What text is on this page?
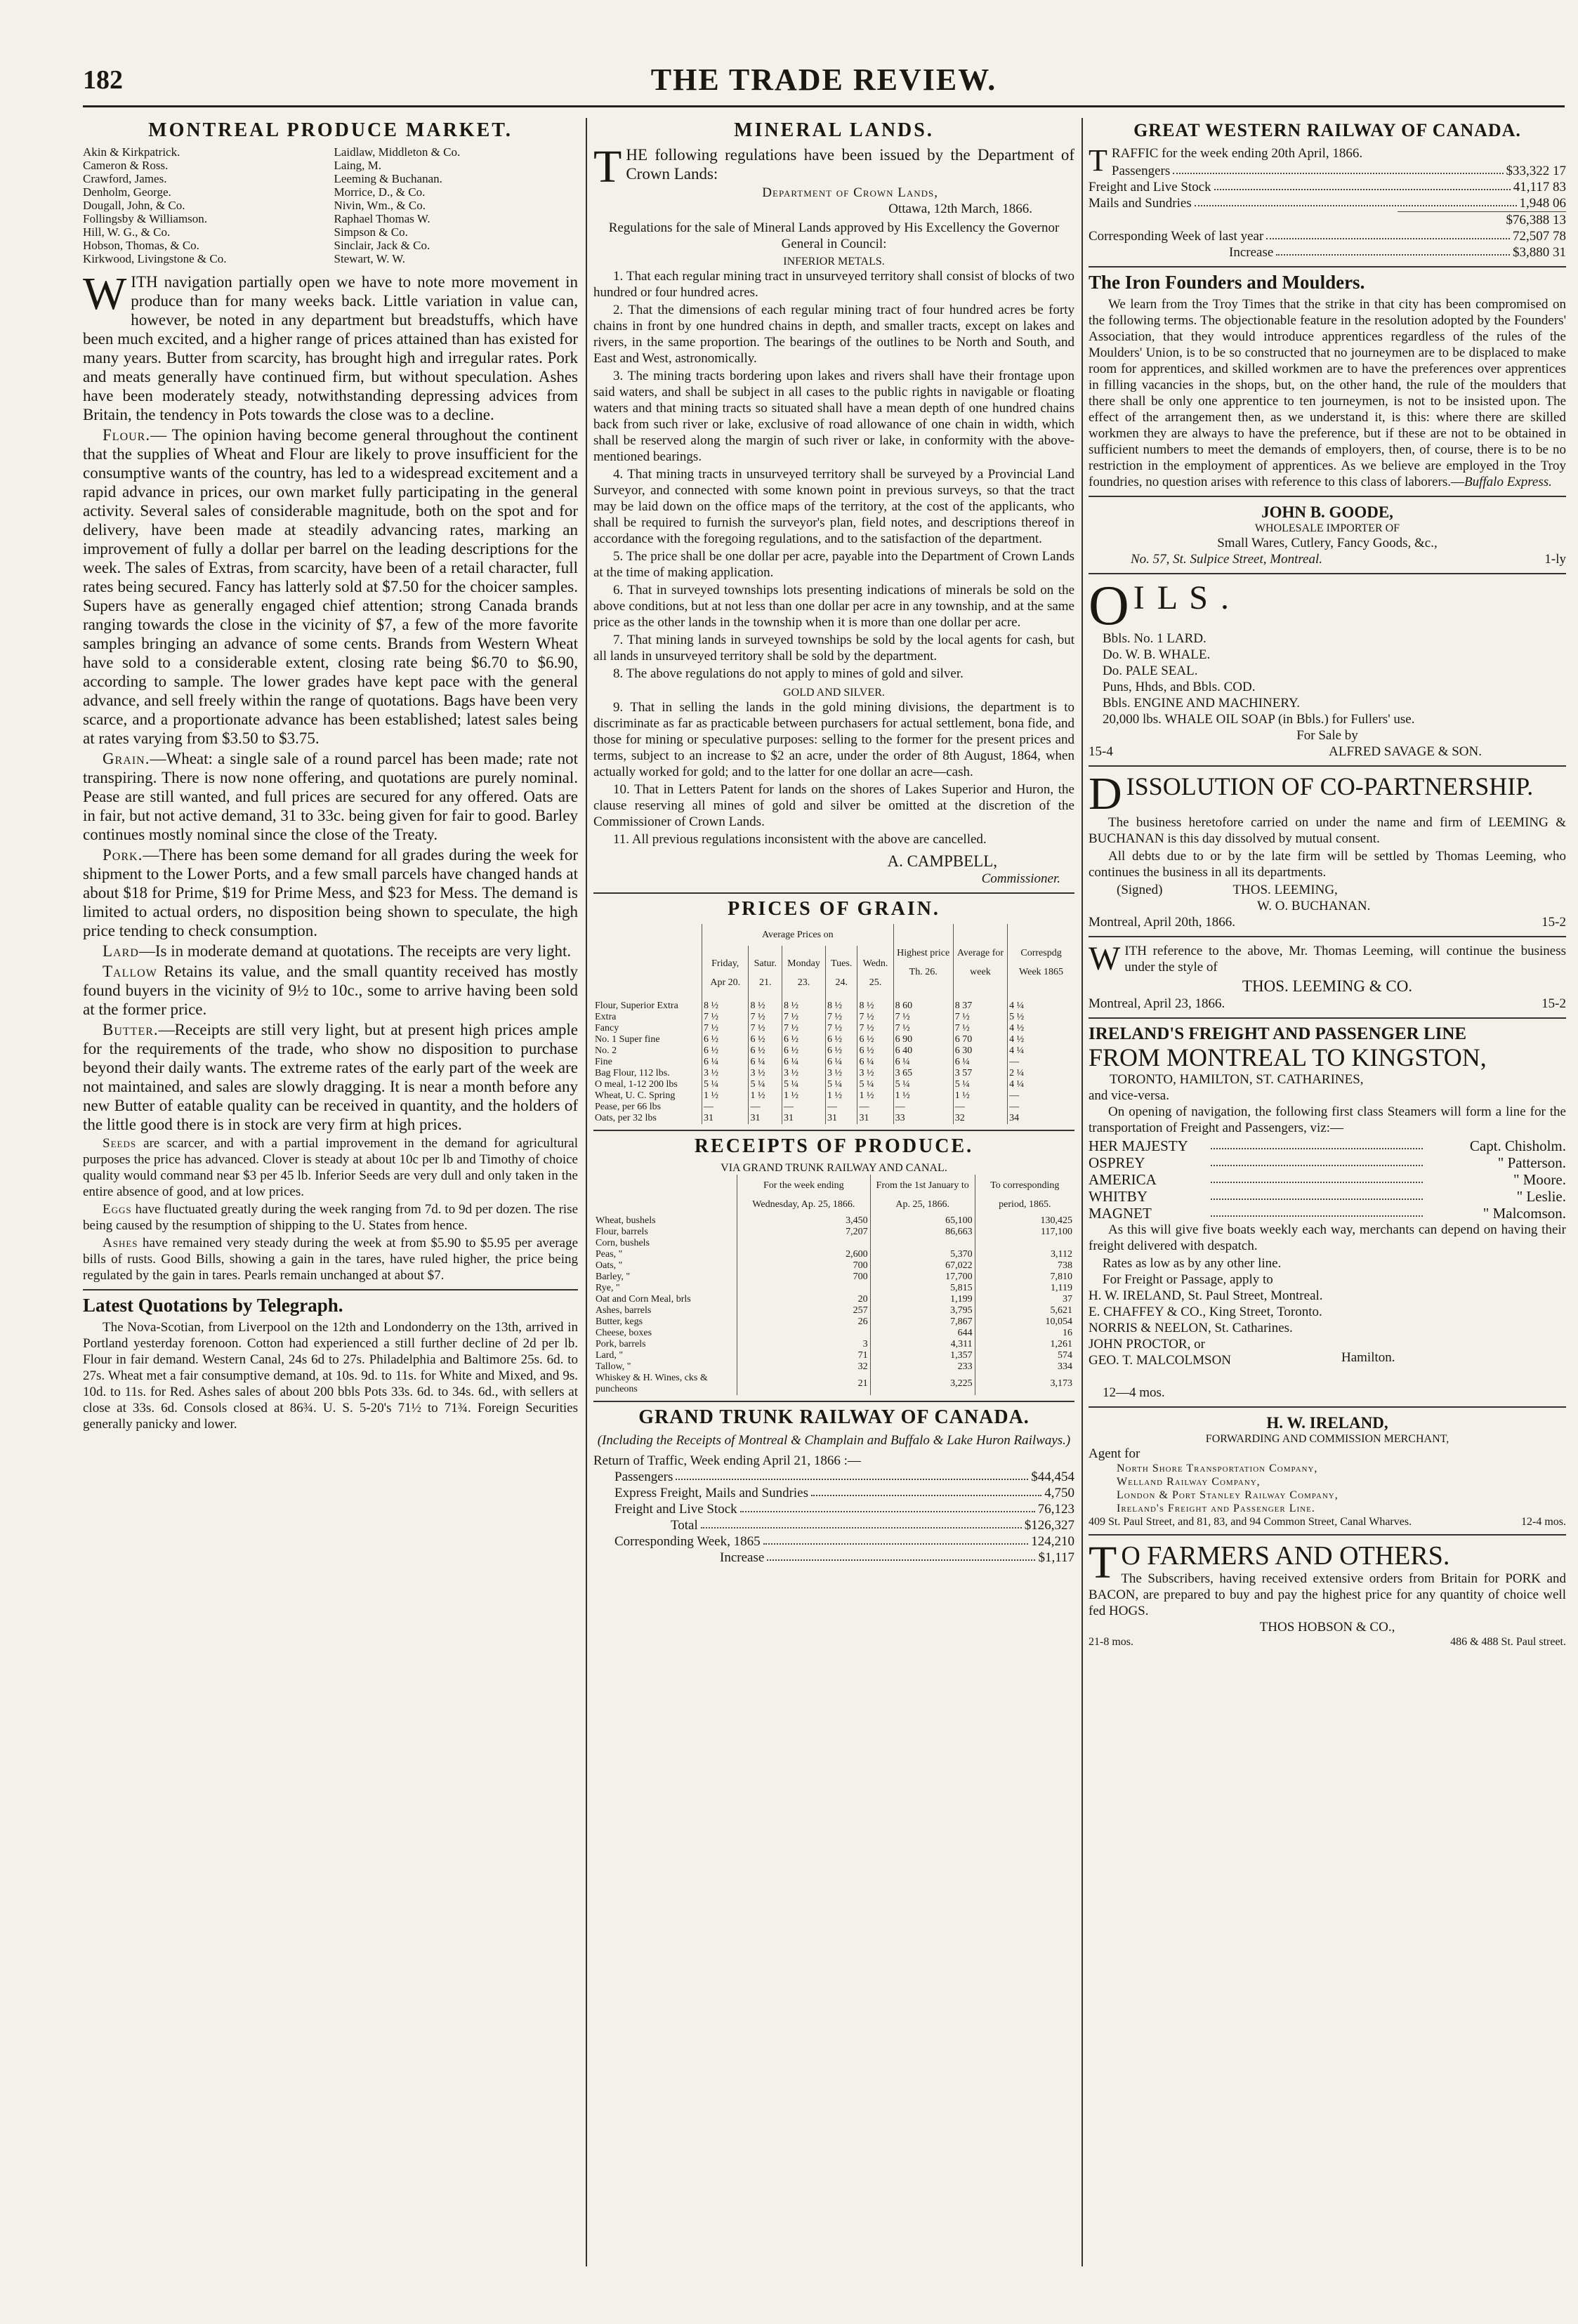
182	THE TRADE REVIEW.
MONTREAL PRODUCE MARKET.
Akin & Kirkpatrick.	Laidlaw, Middleton & Co.
Cameron & Ross.	Laing, M.
Crawford, James.	Leeming & Buchanan.
Denholm, George.	Morrice, D., & Co.
Dougall, John, & Co.	Nivin, Wm., & Co.
Follingsby & Williamson.	Raphael Thomas W.
Hill, W. G., & Co.	Simpson & Co.
Hobson, Thomas, & Co.	Sinclair, Jack & Co.
Kirkwood, Livingstone & Co.	Stewart, W. W.

WITH navigation partially open we have to note more movement in produce than for many weeks back. Little variation in value can, however, be noted in any department but breadstuffs, which have been much excited, and a higher range of prices attained than has existed for many years. Butter from scarcity, has brought high and irregular rates. Pork and meats generally have continued firm, but without speculation. Ashes have been moderately steady, notwithstanding depressing advices from Britain, the tendency in Pots towards the close was to a decline.

Flour.— The opinion having become general throughout the continent that the supplies of Wheat and Flour are likely to prove insufficient for the consumptive wants of the country, has led to a widespread excitement and a rapid advance in prices, our own market fully participating in the general activity. Several sales of considerable magnitude, both on the spot and for delivery, have been made at steadily advancing rates, marking an improvement of fully a dollar per barrel on the leading descriptions for the week. The sales of Extras, from scarcity, have been of a retail character, full rates being secured. Fancy has latterly sold at $7.50 for the choicer samples. Supers have as generally engaged chief attention; strong Canada brands ranging towards the close in the vicinity of $7, a few of the more favorite samples bringing an advance of some cents. Brands from Western Wheat have sold to a considerable extent, closing rate being $6.70 to $6.90, according to sample. The lower grades have kept pace with the general advance, and sell freely within the range of quotations. Bags have been very scarce, and a proportionate advance has been established; latest sales being at rates varying from $3.50 to $3.75.

Grain.—Wheat: a single sale of a round parcel has been made; rate not transpiring. There is now none offering, and quotations are purely nominal. Pease are still wanted, and full prices are secured for any offered. Oats are in fair, but not active demand, 31 to 33c. being given for fair to good. Barley continues mostly nominal since the close of the Treaty.

Pork.—There has been some demand for all grades during the week for shipment to the Lower Ports, and a few small parcels have changed hands at about $18 for Prime, $19 for Prime Mess, and $23 for Mess. The demand is limited to actual orders, no disposition being shown to speculate, the high price tending to check consumption.

Lard—Is in moderate demand at quotations. The receipts are very light.

Tallow Retains its value, and the small quantity received has mostly found buyers in the vicinity of 9½ to 10c., some to arrive having been sold at the former price.

Butter.—Receipts are still very light, but at present high prices ample for the requirements of the trade, who show no disposition to purchase beyond their daily wants. The extreme rates of the early part of the week are not maintained, and sales are slowly dragging. It is near a month before any new Butter of eatable quality can be received in quantity, and the holders of the little good there is in stock are very firm at high prices.

Seeds are scarcer, and with a partial improvement in the demand for agricultural purposes the price has advanced. Clover is steady at about 10c per lb and Timothy of choice quality would command near $3 per 45 lb. Inferior Seeds are very dull and only taken in the entire absence of good, and at low prices.

Eggs have fluctuated greatly during the week ranging from 7d. to 9d per dozen. The rise being caused by the resumption of shipping to the U. States from hence.

Ashes have remained very steady during the week at from $5.90 to $5.95 per average bills of rusts. Good Bills, showing a gain in the tares, have ruled higher, the price being regulated by the gain in tares. Pearls remain unchanged at about $7.

Latest Quotations by Telegraph.

The Nova-Scotian, from Liverpool on the 12th and Londonderry on the 13th, arrived in Portland yesterday forenoon. Cotton had experienced a still further decline of 2d per lb. Flour in fair demand. Western Canal, 24s 6d to 27s. Philadelphia and Baltimore 25s. 6d. to 27s. Wheat met a fair consumptive demand, at 10s. 9d. to 11s. for White and Mixed, and 9s. 10d. to 11s. for Red. Ashes sales of about 200 bbls Pots 33s. 6d. to 34s. 6d., with sellers at close at 33s. 6d. Consols closed at 86¾. U. S. 5-20's 71½ to 71¾. Foreign Securities generally panicky and lower.

MINERAL LANDS.

THE following regulations have been issued by the Department of Crown Lands:

Department of Crown Lands,
Ottawa, 12th March, 1866.

Regulations for the sale of Mineral Lands approved by His Excellency the Governor General in Council:

INFERIOR METALS.

1. That each regular mining tract in unsurveyed territory shall consist of blocks of two hundred or four hundred acres.

2. That the dimensions of each regular mining tract of four hundred acres be forty chains in front by one hundred chains in depth, and smaller tracts, except on lakes and rivers, in the same proportion. The bearings of the outlines to be North and South, and East and West, astronomically.

3. The mining tracts bordering upon lakes and rivers shall have their frontage upon said waters, and shall be subject in all cases to the public rights in navigable or floating waters and that mining tracts so situated shall have a mean depth of one hundred chains back from such river or lake, exclusive of road allowance of one chain in width, which shall be reserved along the margin of such river or lake, in conformity with the above-mentioned bearings.

4. That mining tracts in unsurveyed territory shall be surveyed by a Provincial Land Surveyor, and connected with some known point in previous surveys, so that the tract may be laid down on the office maps of the territory, at the cost of the applicants, who shall be required to furnish the surveyor's plan, field notes, and descriptions thereof in accordance with the foregoing regulations, and to the satisfaction of the department.

5. The price shall be one dollar per acre, payable into the Department of Crown Lands at the time of making application.

6. That in surveyed townships lots presenting indications of minerals be sold on the above conditions, but at not less than one dollar per acre in any township, and at the same price as the other lands in the township when it is more than one dollar per acre.

7. That mining lands in surveyed townships be sold by the local agents for cash, but all lands in unsurveyed territory shall be sold by the department.

8. The above regulations do not apply to mines of gold and silver.

GOLD AND SILVER.

9. That in selling the lands in the gold mining divisions, the department is to discriminate as far as practicable between purchasers for actual settlement, bona fide, and those for mining or speculative purposes: selling to the former for the present prices and terms, subject to an increase to $2 an acre, under the order of 8th August, 1864, when actually worked for gold; and to the latter for one dollar an acre—cash.

10. That in Letters Patent for lands on the shores of Lakes Superior and Huron, the clause reserving all mines of gold and silver be omitted at the discretion of the Commissioner of Crown Lands.

11. All previous regulations inconsistent with the above are cancelled.

A. CAMPBELL,
Commissioner.
PRICES OF GRAIN.
	Average Prices on					Highest price Th. 26.	Average for week	Correspdg Week 1865
	Friday, Apr 20.	Satur. 21.	Monday 23.	Tues. 24.	Wedn. 25.			
Flour, Superior Extra	8 ½	8 ½	8 ½	8 ½	8 ½	8 60	8 37	4 ¼
Extra	7 ½	7 ½	7 ½	7 ½	7 ½	7 ½	7 ½	5 ½
Fancy	7 ½	7 ½	7 ½	7 ½	7 ½	7 ½	7 ½	4 ½
No. 1 Super fine	6 ½	6 ½	6 ½	6 ½	6 ½	6 90	6 70	4 ½
No. 2	6 ½	6 ½	6 ½	6 ½	6 ½	6 40	6 30	4 ¼
Fine	6 ¼	6 ¼	6 ¼	6 ¼	6 ¼	6 ¼	6 ¼	—
Bag Flour, 112 lbs.	3 ½	3 ½	3 ½	3 ½	3 ½	3 65	3 57	2 ¼
O meal, 1-12 200 lbs	5 ¼	5 ¼	5 ¼	5 ¼	5 ¼	5 ¼	5 ¼	4 ¼
Wheat, U. C. Spring	1 ½	1 ½	1 ½	1 ½	1 ½	1 ½	1 ½	—
Pease, per 66 lbs	—	—	—	—	—	—	—	—
Oats, per 32 lbs	31	31	31	31	31	33	32	34
RECEIPTS OF PRODUCE.
VIA GRAND TRUNK RAILWAY AND CANAL.
	For the week ending Wednesday, Ap. 25, 1866.	From the 1st January to Ap. 25, 1866.	To corresponding period, 1865.
Wheat, bushels	3,450	65,100	130,425
Flour, barrels	7,207	86,663	117,100
Corn, bushels			
Peas, "	2,600	5,370	3,112
Oats, "	700	67,022	738
Barley, "	700	17,700	7,810
Rye, "		5,815	1,119
Oat and Corn Meal, brls	20	1,199	37
Ashes, barrels	257	3,795	5,621
Butter, kegs	26	7,867	10,054
Cheese, boxes		644	16
Pork, barrels	3	4,311	1,261
Lard, "	71	1,357	574
Tallow, "	32	233	334
Whiskey & H. Wines, cks & puncheons	21	3,225	3,173
GRAND TRUNK RAILWAY OF CANADA.
(Including the Receipts of Montreal & Champlain and Buffalo & Lake Huron Railways.)
Return of Traffic, Week ending April 21, 1866 :—
Passengers	$44,454
Express Freight, Mails and Sundries	4,750
Freight and Live Stock	76,123
Total	$126,327
Corresponding Week, 1865	124,210
Increase	$1,117
GREAT WESTERN RAILWAY OF CANADA.

TRAFFIC for the week ending 20th April, 1866.

Passengers	$33,322 17
Freight and Live Stock	41,117 83
Mails and Sundries	1,948 06
$76,388 13
Corresponding Week of last year	72,507 78
Increase	$3,880 31
The Iron Founders and Moulders.

We learn from the Troy Times that the strike in that city has been compromised on the following terms. The objectionable feature in the resolution adopted by the Founders' Association, that they would introduce apprentices regardless of the rules of the Moulders' Union, is to be so constructed that no journeymen are to be displaced to make room for apprentices, and skilled workmen are to have the preferences over apprentices in filling vacancies in the shops, but, on the other hand, the rule of the moulders that there shall be only one apprentice to ten journeymen, is not to be insisted upon. The effect of the arrangement then, as we understand it, is this: where there are skilled workmen they are always to have the preference, but if these are not to be obtained in sufficient numbers to meet the demands of employers, then, of course, there is to be no restriction in the employment of apprentices. As we believe are employed in the Troy foundries, no question arises with reference to this class of laborers.—Buffalo Express.

JOHN B. GOODE,
WHOLESALE IMPORTER OF
Small Wares, Cutlery, Fancy Goods, &c.,
No. 57, St. Sulpice Street, Montreal.	1-ly
O I L S .
Bbls. No. 1 LARD.
Do. W. B. WHALE.
Do. PALE SEAL.
Puns, Hhds, and Bbls. COD.
Bbls. ENGINE AND MACHINERY.
20,000 lbs. WHALE OIL SOAP (in Bbls.) for Fullers' use.
For Sale by
15-4	ALFRED SAVAGE & SON.
DISSOLUTION OF CO-PARTNERSHIP.

The business heretofore carried on under the name and firm of LEEMING & BUCHANAN is this day dissolved by mutual consent.

All debts due to or by the late firm will be settled by Thomas Leeming, who continues the business in all its departments.

(Signed)	THOS. LEEMING,
W. O. BUCHANAN.
Montreal, April 20th, 1866.	15-2

WITH reference to the above, Mr. Thomas Leeming, will continue the business under the style of

THOS. LEEMING & CO.
Montreal, April 23, 1866.	15-2
IRELAND'S FREIGHT AND PASSENGER LINE
FROM MONTREAL TO KINGSTON,
TORONTO, HAMILTON, ST. CATHARINES,
and vice-versa.

On opening of navigation, the following first class Steamers will form a line for the transportation of Freight and Passengers, viz:—

HER MAJESTY	Capt. Chisholm.
OSPREY	" Patterson.
AMERICA	" Moore.
WHITBY	" Leslie.
MAGNET	" Malcomson.

As this will give five boats weekly each way, merchants can depend on having their freight delivered with despatch.

Rates as low as by any other line.
For Freight or Passage, apply to
H. W. IRELAND, St. Paul Street, Montreal.
E. CHAFFEY & CO., King Street, Toronto.
NORRIS & NEELON, St. Catharines.
JOHN PROCTOR, or
GEO. T. MALCOLMSON	Hamilton.
12—4 mos.
H. W. IRELAND,
FORWARDING AND COMMISSION MERCHANT,
Agent for
North Shore Transportation Company,
Welland Railway Company,
London & Port Stanley Railway Company,
Ireland's Freight and Passenger Line.
409 St. Paul Street, and 81, 83, and 94 Common Street, Canal Wharves.	12-4 mos.
T O FARMERS AND OTHERS.

The Subscribers, having received extensive orders from Britain for PORK and BACON, are prepared to buy and pay the highest price for any quantity of choice well fed HOGS.

THOS HOBSON & CO.,
21-8 mos.	486 & 488 St. Paul street.
